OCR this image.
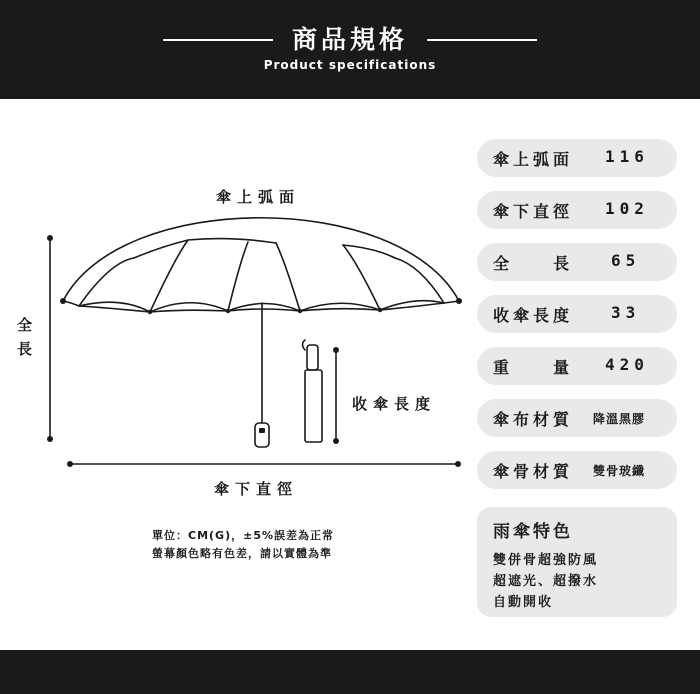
商品規格
Product specifications
傘上弧面
全
長
收傘長度
傘下直徑
單位：CM(G)，±5%誤差為正常
螢幕顏色略有色差，請以實體為準
傘上弧面 116
傘下直徑 102
全　　長 65
收傘長度 33
重　　量 420
傘布材質 降溫黑膠
傘骨材質 雙骨玻纖
雨傘特色
雙併骨超強防風
超遮光、超撥水
自動開收
